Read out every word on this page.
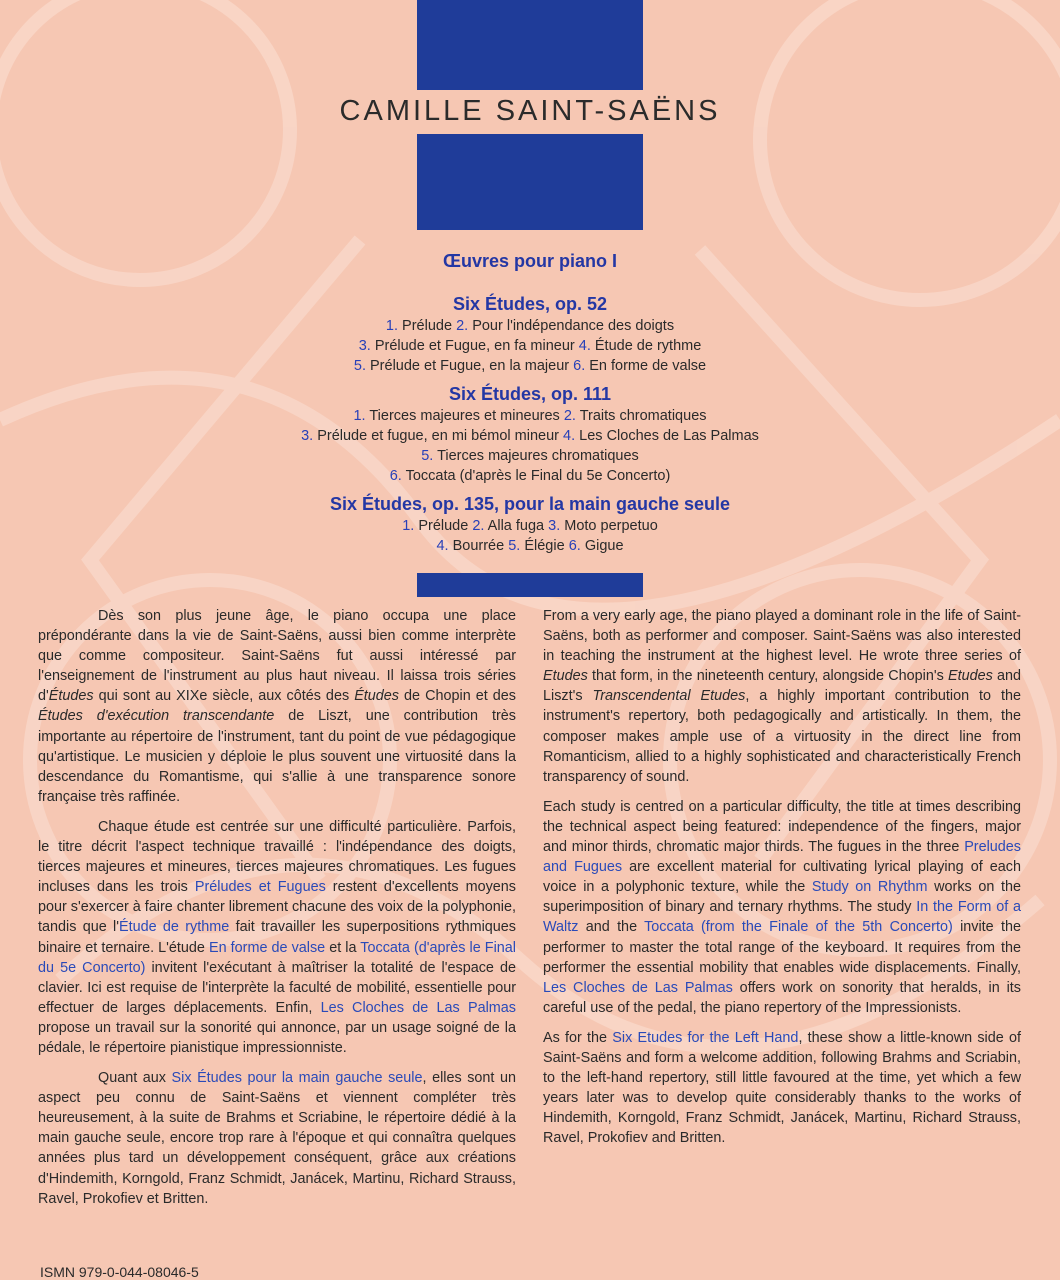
CAMILLE SAINT-SAËNS
Œuvres pour piano I
Six Études, op. 52
1. Prélude 2. Pour l'indépendance des doigts
3. Prélude et Fugue, en fa mineur 4. Étude de rythme
5. Prélude et Fugue, en la majeur 6. En forme de valse
Six Études, op. 111
1. Tierces majeures et mineures 2. Traits chromatiques
3. Prélude et fugue, en mi bémol mineur 4. Les Cloches de Las Palmas
5. Tierces majeures chromatiques
6. Toccata (d'après le Final du 5e Concerto)
Six Études, op. 135, pour la main gauche seule
1. Prélude 2. Alla fuga 3. Moto perpetuo
4. Bourrée 5. Élégie 6. Gigue

Dès son plus jeune âge, le piano occupa une place prépondérante dans la vie de Saint-Saëns, aussi bien comme interprète que comme compositeur. Saint-Saëns fut aussi intéressé par l'enseignement de l'instrument au plus haut niveau. Il laissa trois séries d'Études qui sont au XIXe siècle, aux côtés des Études de Chopin et des Études d'exécution transcendante de Liszt, une contribution très importante au répertoire de l'instrument, tant du point de vue pédagogique qu'artistique. Le musicien y déploie le plus souvent une virtuosité dans la descendance du Romantisme, qui s'allie à une transparence sonore française très raffinée.

Chaque étude est centrée sur une difficulté particulière. Parfois, le titre décrit l'aspect technique travaillé : l'indépendance des doigts, tierces majeures et mineures, tierces majeures chromatiques. Les fugues incluses dans les trois Préludes et Fugues restent d'excellents moyens pour s'exercer à faire chanter librement chacune des voix de la polyphonie, tandis que l'Étude de rythme fait travailler les superpositions rythmiques binaire et ternaire. L'étude En forme de valse et la Toccata (d'après le Final du 5e Concerto) invitent l'exécutant à maîtriser la totalité de l'espace de clavier. Ici est requise de l'interprète la faculté de mobilité, essentielle pour effectuer de larges déplacements. Enfin, Les Cloches de Las Palmas propose un travail sur la sonorité qui annonce, par un usage soigné de la pédale, le répertoire pianistique impressionniste.

Quant aux Six Études pour la main gauche seule, elles sont un aspect peu connu de Saint-Saëns et viennent compléter très heureusement, à la suite de Brahms et Scriabine, le répertoire dédié à la main gauche seule, encore trop rare à l'époque et qui connaîtra quelques années plus tard un développement conséquent, grâce aux créations d'Hindemith, Korngold, Franz Schmidt, Janácek, Martinu, Richard Strauss, Ravel, Prokofiev et Britten.

From a very early age, the piano played a dominant role in the life of Saint-Saëns, both as performer and composer. Saint-Saëns was also interested in teaching the instrument at the highest level. He wrote three series of Etudes that form, in the nineteenth century, alongside Chopin's Etudes and Liszt's Transcendental Etudes, a highly important contribution to the instrument's repertory, both pedagogically and artistically. In them, the composer makes ample use of a virtuosity in the direct line from Romanticism, allied to a highly sophisticated and characteristically French transparency of sound.

Each study is centred on a particular difficulty, the title at times describing the technical aspect being featured: independence of the fingers, major and minor thirds, chromatic major thirds. The fugues in the three Preludes and Fugues are excellent material for cultivating lyrical playing of each voice in a polyphonic texture, while the Study on Rhythm works on the superimposition of binary and ternary rhythms. The study In the Form of a Waltz and the Toccata (from the Finale of the 5th Concerto) invite the performer to master the total range of the keyboard. It requires from the performer the essential mobility that enables wide displacements. Finally, Les Cloches de Las Palmas offers work on sonority that heralds, in its careful use of the pedal, the piano repertory of the Impressionists.

As for the Six Etudes for the Left Hand, these show a little-known side of Saint-Saëns and form a welcome addition, following Brahms and Scriabin, to the left-hand repertory, still little favoured at the time, yet which a few years later was to develop quite considerably thanks to the works of Hindemith, Korngold, Franz Schmidt, Janácek, Martinu, Richard Strauss, Ravel, Prokofiev and Britten.

ISMN 979-0-044-08046-5
